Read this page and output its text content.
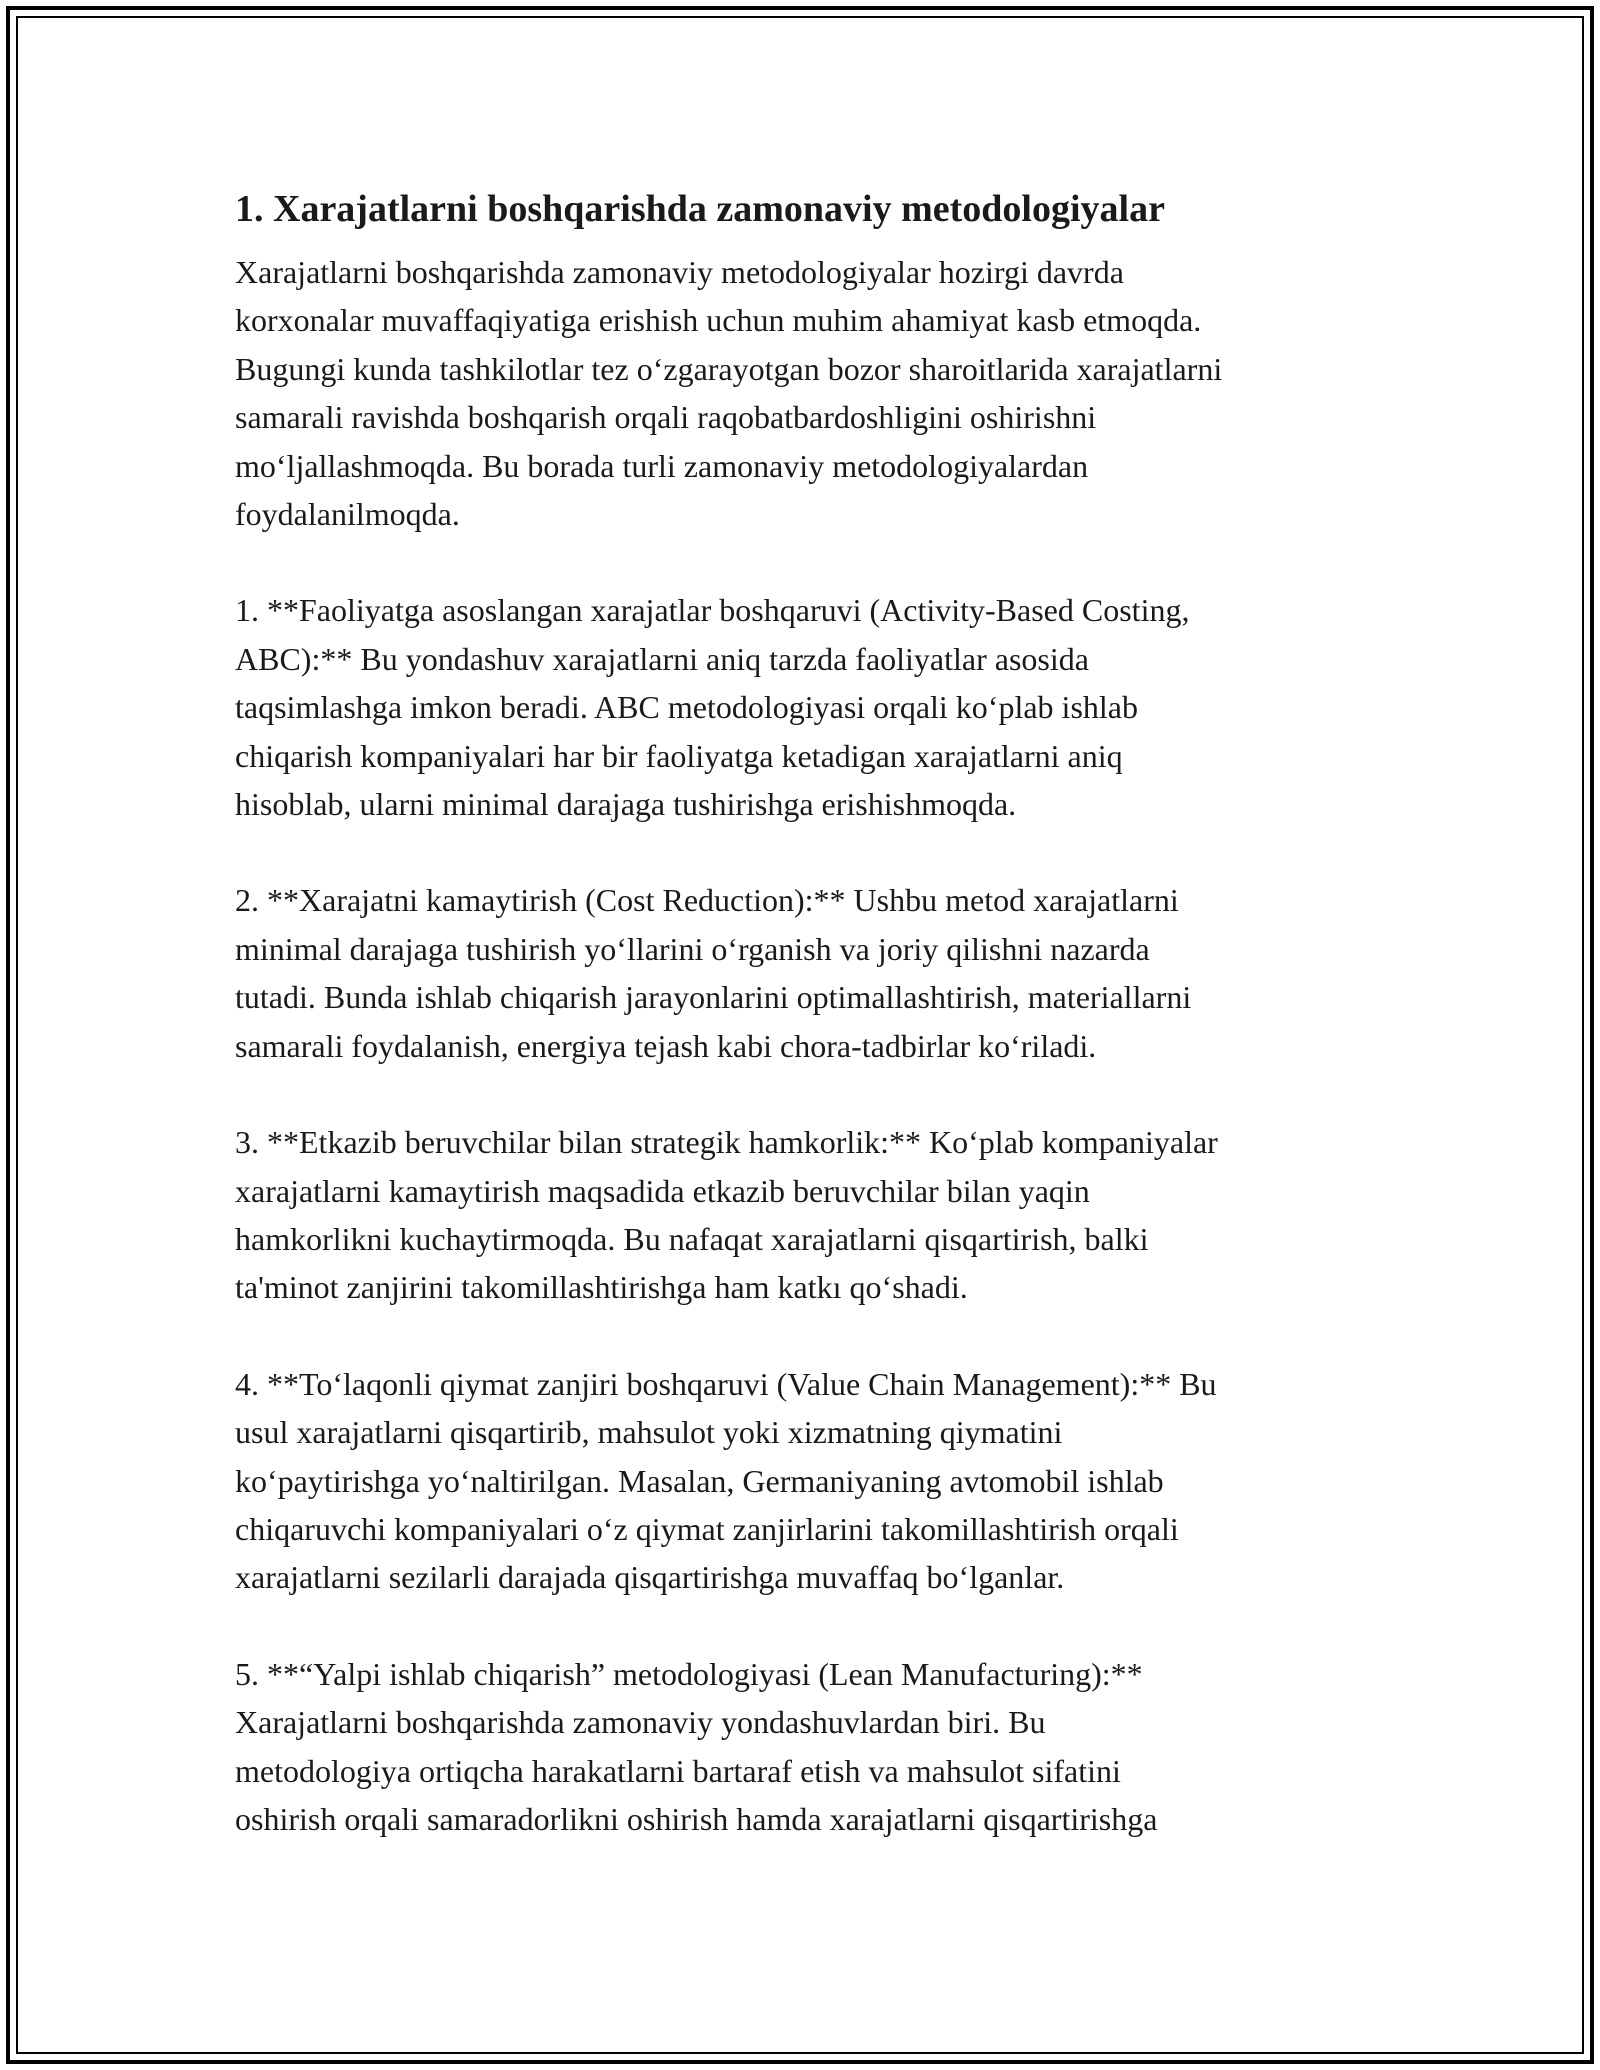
1. Xarajatlarni boshqarishda zamonaviy metodologiyalar

Xarajatlarni boshqarishda zamonaviy metodologiyalar hozirgi davrda
korxonalar muvaffaqiyatiga erishish uchun muhim ahamiyat kasb etmoqda.
Bugungi kunda tashkilotlar tez o‘zgarayotgan bozor sharoitlarida xarajatlarni
samarali ravishda boshqarish orqali raqobatbardoshligini oshirishni
mo‘ljallashmoqda. Bu borada turli zamonaviy metodologiyalardan
foydalanilmoqda.

1. **Faoliyatga asoslangan xarajatlar boshqaruvi (Activity-Based Costing,
ABC):** Bu yondashuv xarajatlarni aniq tarzda faoliyatlar asosida
taqsimlashga imkon beradi. ABC metodologiyasi orqali ko‘plab ishlab
chiqarish kompaniyalari har bir faoliyatga ketadigan xarajatlarni aniq
hisoblab, ularni minimal darajaga tushirishga erishishmoqda.

2. **Xarajatni kamaytirish (Cost Reduction):** Ushbu metod xarajatlarni
minimal darajaga tushirish yo‘llarini o‘rganish va joriy qilishni nazarda
tutadi. Bunda ishlab chiqarish jarayonlarini optimallashtirish, materiallarni
samarali foydalanish, energiya tejash kabi chora-tadbirlar ko‘riladi.

3. **Etkazib beruvchilar bilan strategik hamkorlik:** Ko‘plab kompaniyalar
xarajatlarni kamaytirish maqsadida etkazib beruvchilar bilan yaqin
hamkorlikni kuchaytirmoqda. Bu nafaqat xarajatlarni qisqartirish, balki
ta'minot zanjirini takomillashtirishga ham katkı qo‘shadi.

4. **To‘laqonli qiymat zanjiri boshqaruvi (Value Chain Management):** Bu
usul xarajatlarni qisqartirib, mahsulot yoki xizmatning qiymatini
ko‘paytirishga yo‘naltirilgan. Masalan, Germaniyaning avtomobil ishlab
chiqaruvchi kompaniyalari o‘z qiymat zanjirlarini takomillashtirish orqali
xarajatlarni sezilarli darajada qisqartirishga muvaffaq bo‘lganlar.

5. **“Yalpi ishlab chiqarish” metodologiyasi (Lean Manufacturing):**
Xarajatlarni boshqarishda zamonaviy yondashuvlardan biri. Bu
metodologiya ortiqcha harakatlarni bartaraf etish va mahsulot sifatini
oshirish orqali samaradorlikni oshirish hamda xarajatlarni qisqartirishga
